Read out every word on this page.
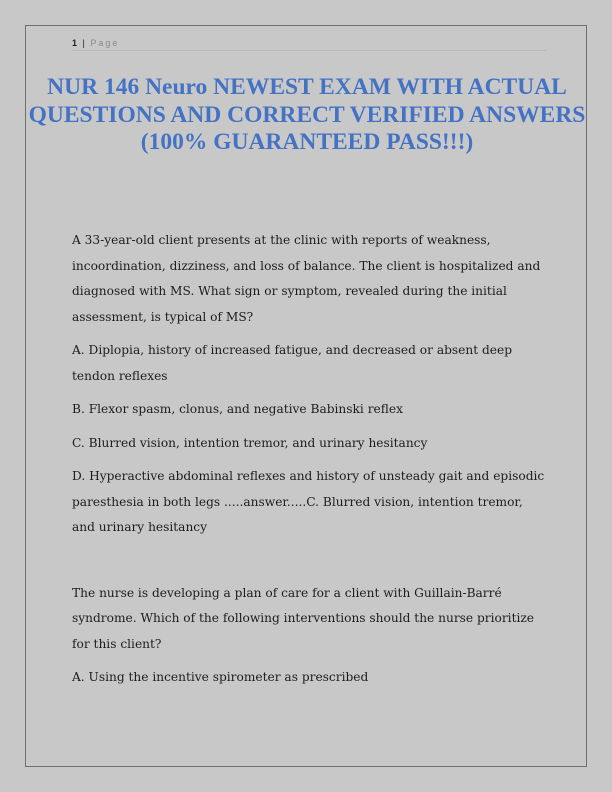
1 | Page
NUR 146 Neuro NEWEST EXAM WITH ACTUAL QUESTIONS AND CORRECT VERIFIED ANSWERS (100% GUARANTEED PASS!!!)

A 33-year-old client presents at the clinic with reports of weakness, incoordination, dizziness, and loss of balance. The client is hospitalized and diagnosed with MS. What sign or symptom, revealed during the initial assessment, is typical of MS?

A. Diplopia, history of increased fatigue, and decreased or absent deep tendon reflexes

B. Flexor spasm, clonus, and negative Babinski reflex

C. Blurred vision, intention tremor, and urinary hesitancy

D. Hyperactive abdominal reflexes and history of unsteady gait and episodic paresthesia in both legs .....answer.....C. Blurred vision, intention tremor, and urinary hesitancy

The nurse is developing a plan of care for a client with Guillain-Barré syndrome. Which of the following interventions should the nurse prioritize for this client?

A. Using the incentive spirometer as prescribed
